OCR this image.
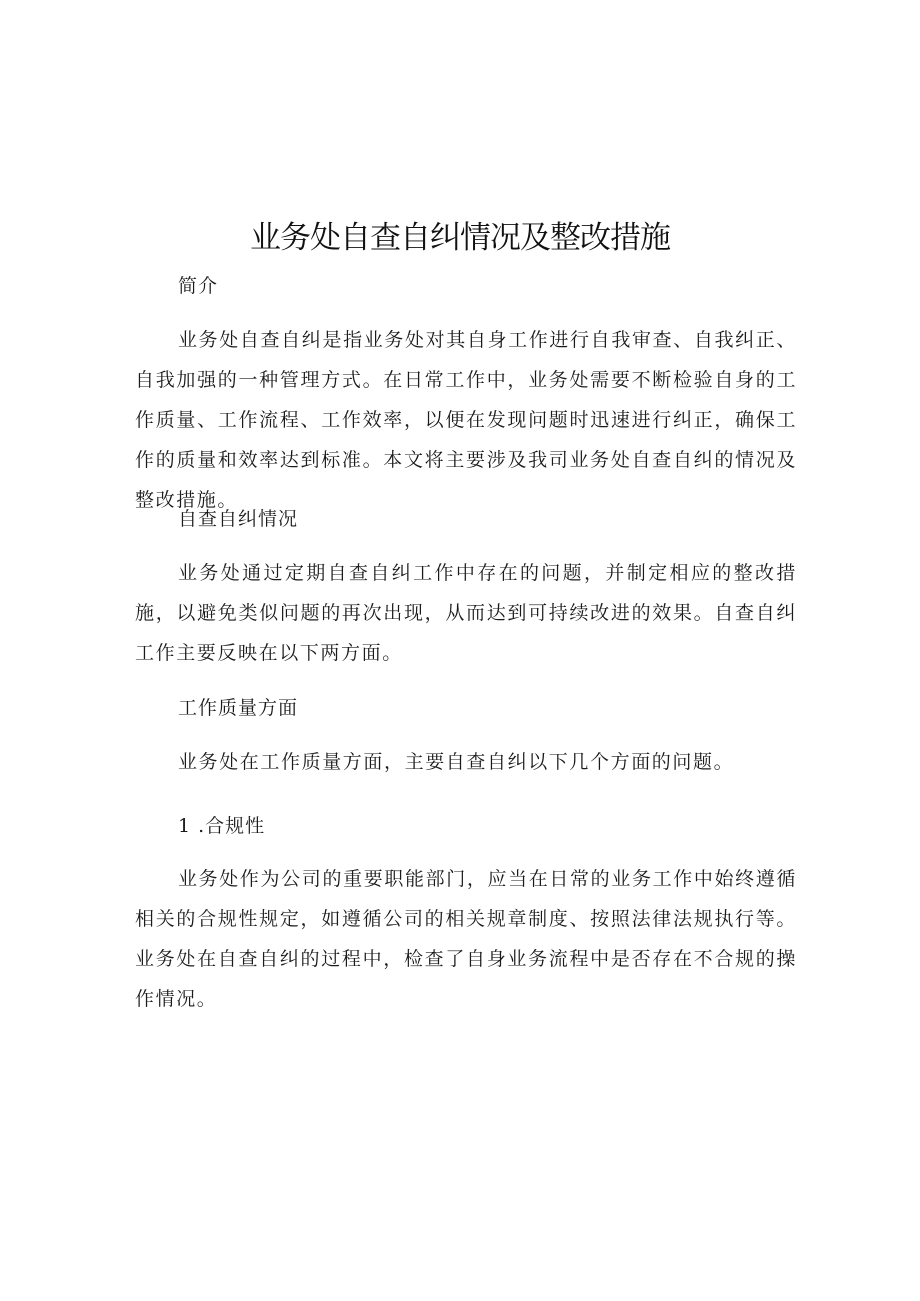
业务处自查自纠情况及整改措施

简介

业务处自查自纠是指业务处对其自身工作进行自我审查、自我纠正、自我加强的一种管理方式。在日常工作中，业务处需要不断检验自身的工作质量、工作流程、工作效率，以便在发现问题时迅速进行纠正，确保工作的质量和效率达到标准。本文将主要涉及我司业务处自查自纠的情况及整改措施。

自查自纠情况

业务处通过定期自查自纠工作中存在的问题，并制定相应的整改措施，以避免类似问题的再次出现，从而达到可持续改进的效果。自查自纠工作主要反映在以下两方面。

工作质量方面

业务处在工作质量方面，主要自查自纠以下几个方面的问题。

1 .合规性

业务处作为公司的重要职能部门，应当在日常的业务工作中始终遵循相关的合规性规定，如遵循公司的相关规章制度、按照法律法规执行等。业务处在自查自纠的过程中，检查了自身业务流程中是否存在不合规的操作情况。
